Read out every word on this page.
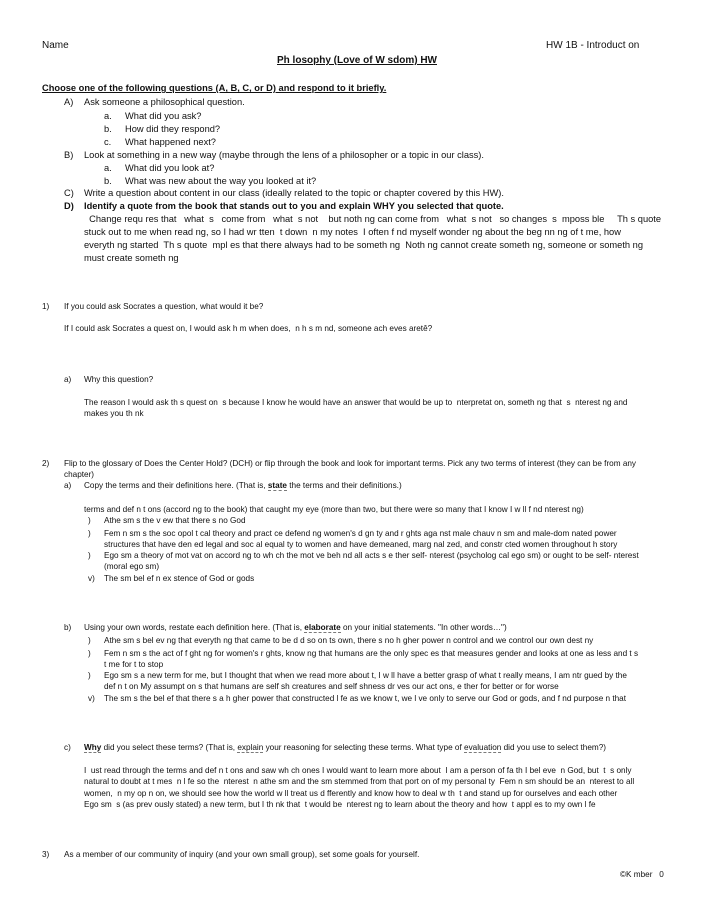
Name	HW 1B - Introduct on
Ph losophy (Love of W sdom) HW
Choose one of the following questions (A, B, C, or D) and respond to it briefly.
A) Ask someone a philosophical question.
a. What did you ask?
b. How did they respond?
c. What happened next?
B) Look at something in a new way (maybe through the lens of a philosopher or a topic in our class).
a. What did you look at?
b. What was new about the way you looked at it?
C) Write a question about content in our class (ideally related to the topic or chapter covered by this HW).
D) Identify a quote from the book that stands out to you and explain WHY you selected that quote.
Change requ res that   what  s   come from   what  s not    but noth ng can come from   what  s not   so changes  s  mposs ble     Th s quote
stuck out to me when read ng, so I had wr tten  t down  n my notes  I often f nd myself wonder ng about the beg nn ng of t me, how
everyth ng started  Th s quote  mpl es that there always had to be someth ng  Noth ng cannot create someth ng, someone or someth ng
must create someth ng
1) If you could ask Socrates a question, what would it be?
If I could ask Socrates a quest on, I would ask h m when does,  n h s m nd, someone ach eves aretê?
a) Why this question?
The reason I would ask th s quest on  s because I know he would have an answer that would be up to  nterpretat on, someth ng that  s  nterest ng and
makes you th nk
2) Flip to the glossary of Does the Center Hold? (DCH) or flip through the book and look for important terms. Pick any two terms of interest (they can be from any
chapter)
a) Copy the terms and their definitions here. (That is, state the terms and their definitions.)
terms and def n t ons (accord ng to the book) that caught my eye (more than two, but there were so many that I know I w ll f nd nterest ng)
) Athe sm s the v ew that there s no God
) Fem n sm s the soc opol t cal theory and pract ce defend ng women's d gn ty and r ghts aga nst male chauv n sm and male-dom nated power
structures that have den ed legal and soc al equal ty to women and have demeaned, marg nal zed, and constr cted women throughout h story
) Ego sm a theory of mot vat on accord ng to wh ch the mot ve beh nd all acts s e ther self- nterest (psycholog cal ego sm) or ought to be self- nterest
(moral ego sm)
v) The sm bel ef n ex stence of God or gods
b) Using your own words, restate each definition here. (That is, elaborate on your initial statements. "In other words…")
) Athe sm s bel ev ng that everyth ng that came to be d d so on ts own, there s no h gher power n control and we control our own dest ny
) Fem n sm s the act of f ght ng for women's r ghts, know ng that humans are the only spec es that measures gender and looks at one as less and t s
t me for t to stop
) Ego sm s a new term for me, but I thought that when we read more about t, I w ll have a better grasp of what t really means, I am ntr gued by the
def n t on My assumpt on s that humans are self sh creatures and self shness dr ves our act ons, e ther for better or for worse
v) The sm s the bel ef that there s a h gher power that constructed l fe as we know t, we l ve only to serve our God or gods, and f nd purpose n that
c) Why did you select these terms? (That is, explain your reasoning for selecting these terms. What type of evaluation did you use to select them?)
I  ust read through the terms and def n t ons and saw wh ch ones I would want to learn more about  I am a person of fa th I bel eve  n God, but  t  s only
natural to doubt at t mes  n l fe so the  nterest  n athe sm and the sm stemmed from that port on of my personal ty  Fem n sm should be an  nterest to all
women,  n my op n on, we should see how the world w ll treat us d fferently and know how to deal w th  t and stand up for ourselves and each other
Ego sm  s (as prev ously stated) a new term, but I th nk that  t would be  nterest ng to learn about the theory and how  t appl es to my own l fe
3) As a member of our community of inquiry (and your own small group), set some goals for yourself.
©K mber   0
